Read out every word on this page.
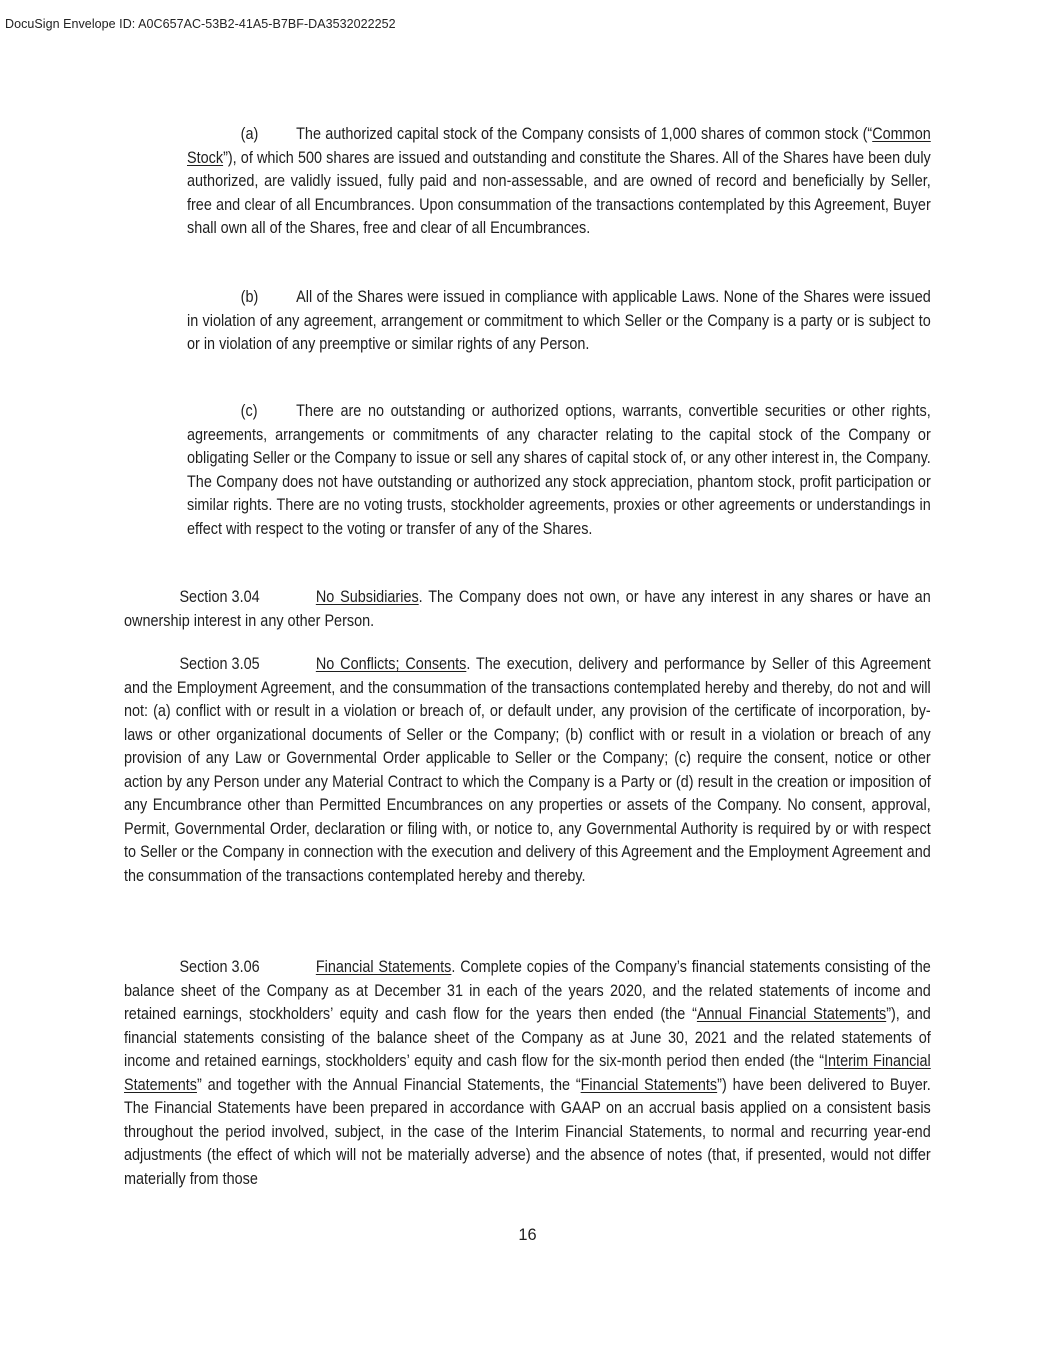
DocuSign Envelope ID: A0C657AC-53B2-41A5-B7BF-DA3532022252
(a) The authorized capital stock of the Company consists of 1,000 shares of common stock (“Common Stock”), of which 500 shares are issued and outstanding and constitute the Shares. All of the Shares have been duly authorized, are validly issued, fully paid and non-assessable, and are owned of record and beneficially by Seller, free and clear of all Encumbrances. Upon consummation of the transactions contemplated by this Agreement, Buyer shall own all of the Shares, free and clear of all Encumbrances.
(b) All of the Shares were issued in compliance with applicable Laws. None of the Shares were issued in violation of any agreement, arrangement or commitment to which Seller or the Company is a party or is subject to or in violation of any preemptive or similar rights of any Person.
(c) There are no outstanding or authorized options, warrants, convertible securities or other rights, agreements, arrangements or commitments of any character relating to the capital stock of the Company or obligating Seller or the Company to issue or sell any shares of capital stock of, or any other interest in, the Company. The Company does not have outstanding or authorized any stock appreciation, phantom stock, profit participation or similar rights. There are no voting trusts, stockholder agreements, proxies or other agreements or understandings in effect with respect to the voting or transfer of any of the Shares.
Section 3.04	No Subsidiaries. The Company does not own, or have any interest in any shares or have an ownership interest in any other Person.
Section 3.05	No Conflicts; Consents. The execution, delivery and performance by Seller of this Agreement and the Employment Agreement, and the consummation of the transactions contemplated hereby and thereby, do not and will not: (a) conflict with or result in a violation or breach of, or default under, any provision of the certificate of incorporation, by-laws or other organizational documents of Seller or the Company; (b) conflict with or result in a violation or breach of any provision of any Law or Governmental Order applicable to Seller or the Company; (c) require the consent, notice or other action by any Person under any Material Contract to which the Company is a Party or (d) result in the creation or imposition of any Encumbrance other than Permitted Encumbrances on any properties or assets of the Company. No consent, approval, Permit, Governmental Order, declaration or filing with, or notice to, any Governmental Authority is required by or with respect to Seller or the Company in connection with the execution and delivery of this Agreement and the Employment Agreement and the consummation of the transactions contemplated hereby and thereby.
Section 3.06	Financial Statements. Complete copies of the Company’s financial statements consisting of the balance sheet of the Company as at December 31 in each of the years 2020, and the related statements of income and retained earnings, stockholders’ equity and cash flow for the years then ended (the “Annual Financial Statements”), and financial statements consisting of the balance sheet of the Company as at June 30, 2021 and the related statements of income and retained earnings, stockholders’ equity and cash flow for the six-month period then ended (the “Interim Financial Statements” and together with the Annual Financial Statements, the “Financial Statements”) have been delivered to Buyer. The Financial Statements have been prepared in accordance with GAAP on an accrual basis applied on a consistent basis throughout the period involved, subject, in the case of the Interim Financial Statements, to normal and recurring year-end adjustments (the effect of which will not be materially adverse) and the absence of notes (that, if presented, would not differ materially from those
16
